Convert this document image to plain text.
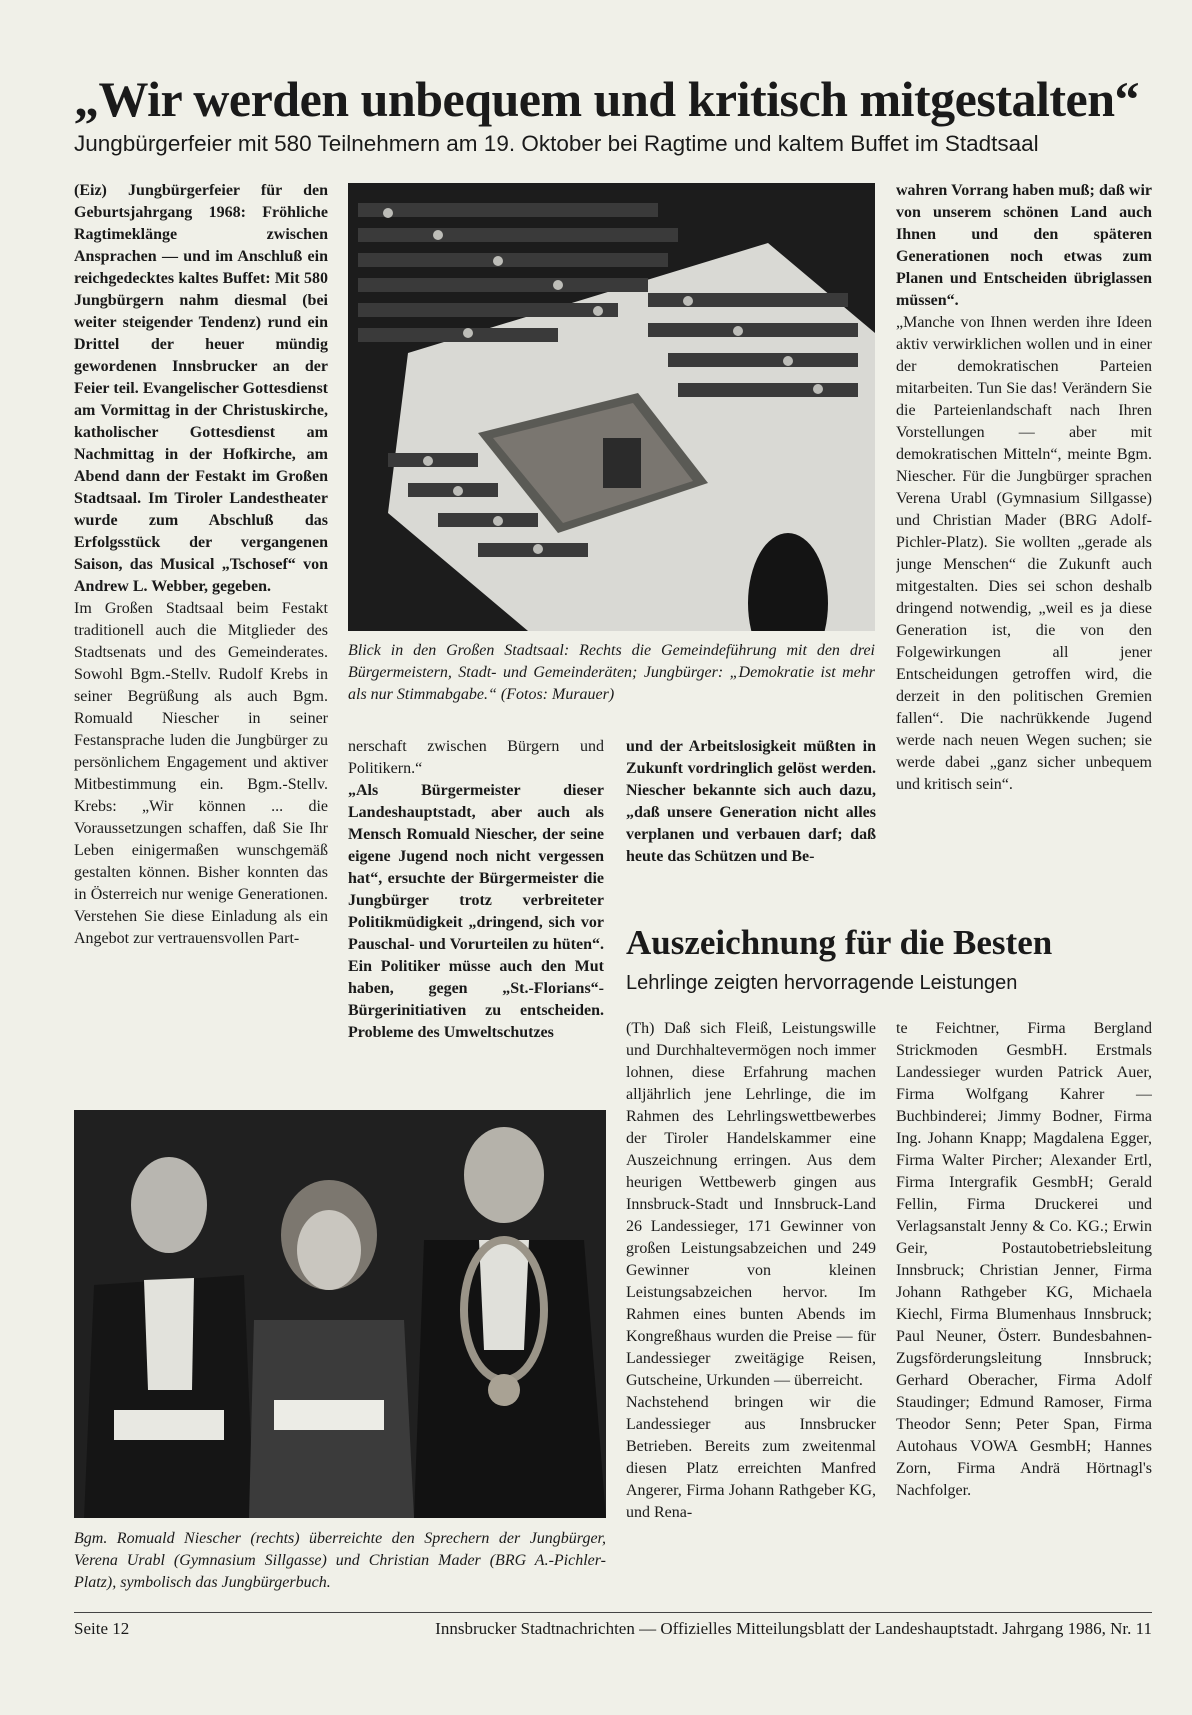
„Wir werden unbequem und kritisch mitgestalten“
Jungbürgerfeier mit 580 Teilnehmern am 19. Oktober bei Ragtime und kaltem Buffet im Stadtsaal

(Eiz) Jungbürgerfeier für den Geburtsjahrgang 1968: Fröhliche Ragtimeklänge zwischen Ansprachen — und im Anschluß ein reichgedecktes kaltes Buffet: Mit 580 Jungbürgern nahm diesmal (bei weiter steigender Tendenz) rund ein Drittel der heuer mündig gewordenen Innsbrucker an der Feier teil. Evangelischer Gottesdienst am Vormittag in der Christuskirche, katholischer Gottesdienst am Nachmittag in der Hofkirche, am Abend dann der Festakt im Großen Stadtsaal. Im Tiroler Landestheater wurde zum Abschluß das Erfolgsstück der vergangenen Saison, das Musical „Tschosef“ von Andrew L. Webber, gegeben.

Im Großen Stadtsaal beim Festakt traditionell auch die Mitglieder des Stadtsenats und des Gemeinderates. Sowohl Bgm.-Stellv. Rudolf Krebs in seiner Begrüßung als auch Bgm. Romuald Niescher in seiner Festansprache luden die Jungbürger zu persönlichem Engagement und aktiver Mitbestimmung ein. Bgm.-Stellv. Krebs: „Wir können ... die Voraussetzungen schaffen, daß Sie Ihr Leben einigermaßen wunschgemäß gestalten können. Bisher konnten das in Österreich nur wenige Generationen. Verstehen Sie diese Einladung als ein Angebot zur vertrauensvollen Part-

Blick in den Großen Stadtsaal: Rechts die Gemeindeführung mit den drei Bürgermeistern, Stadt- und Gemeinderäten; Jungbürger: „Demokratie ist mehr als nur Stimmabgabe.“ (Fotos: Murauer)

nerschaft zwischen Bürgern und Politikern.“

„Als Bürgermeister dieser Landeshauptstadt, aber auch als Mensch Romuald Niescher, der seine eigene Jugend noch nicht vergessen hat“, ersuchte der Bürgermeister die Jungbürger trotz verbreiteter Politikmüdigkeit „dringend, sich vor Pauschal- und Vorurteilen zu hüten“. Ein Politiker müsse auch den Mut haben, gegen „St.-Florians“-Bürgerinitiativen zu entscheiden. Probleme des Umweltschutzes

und der Arbeitslosigkeit müßten in Zukunft vordringlich gelöst werden. Niescher bekannte sich auch dazu, „daß unsere Generation nicht alles verplanen und verbauen darf; daß heute das Schützen und Be-

wahren Vorrang haben muß; daß wir von unserem schönen Land auch Ihnen und den späteren Generationen noch etwas zum Planen und Entscheiden übriglassen müssen“.

„Manche von Ihnen werden ihre Ideen aktiv verwirklichen wollen und in einer der demokratischen Parteien mitarbeiten. Tun Sie das! Verändern Sie die Parteienlandschaft nach Ihren Vorstellungen — aber mit demokratischen Mitteln“, meinte Bgm. Niescher. Für die Jungbürger sprachen Verena Urabl (Gymnasium Sillgasse) und Christian Mader (BRG Adolf-Pichler-Platz). Sie wollten „gerade als junge Menschen“ die Zukunft auch mitgestalten. Dies sei schon deshalb dringend notwendig, „weil es ja diese Generation ist, die von den Folgewirkungen all jener Entscheidungen getroffen wird, die derzeit in den politischen Gremien fallen“. Die nachrükkende Jugend werde nach neuen Wegen suchen; sie werde dabei „ganz sicher unbequem und kritisch sein“.

Bgm. Romuald Niescher (rechts) überreichte den Sprechern der Jungbürger, Verena Urabl (Gymnasium Sillgasse) und Christian Mader (BRG A.-Pichler-Platz), symbolisch das Jungbürgerbuch.
Auszeichnung für die Besten
Lehrlinge zeigten hervorragende Leistungen

(Th) Daß sich Fleiß, Leistungswille und Durchhaltevermögen noch immer lohnen, diese Erfahrung machen alljährlich jene Lehrlinge, die im Rahmen des Lehrlingswettbewerbes der Tiroler Handelskammer eine Auszeichnung erringen. Aus dem heurigen Wettbewerb gingen aus Innsbruck-Stadt und Innsbruck-Land 26 Landessieger, 171 Gewinner von großen Leistungsabzeichen und 249 Gewinner von kleinen Leistungsabzeichen hervor. Im Rahmen eines bunten Abends im Kongreßhaus wurden die Preise — für Landessieger zweitägige Reisen, Gutscheine, Urkunden — überreicht.

Nachstehend bringen wir die Landessieger aus Innsbrucker Betrieben. Bereits zum zweitenmal diesen Platz erreichten Manfred Angerer, Firma Johann Rathgeber KG, und Rena-

te Feichtner, Firma Bergland Strickmoden GesmbH. Erstmals Landessieger wurden Patrick Auer, Firma Wolfgang Kahrer — Buchbinderei; Jimmy Bodner, Firma Ing. Johann Knapp; Magdalena Egger, Firma Walter Pircher; Alexander Ertl, Firma Intergrafik GesmbH; Gerald Fellin, Firma Druckerei und Verlagsanstalt Jenny & Co. KG.; Erwin Geir, Postautobetriebsleitung Innsbruck; Christian Jenner, Firma Johann Rathgeber KG, Michaela Kiechl, Firma Blumenhaus Innsbruck; Paul Neuner, Österr. Bundesbahnen-Zugsförderungsleitung Innsbruck; Gerhard Oberacher, Firma Adolf Staudinger; Edmund Ramoser, Firma Theodor Senn; Peter Span, Firma Autohaus VOWA GesmbH; Hannes Zorn, Firma Andrä Hörtnagl's Nachfolger.
Seite 12	Innsbrucker Stadtnachrichten — Offizielles Mitteilungsblatt der Landeshauptstadt. Jahrgang 1986, Nr. 11
